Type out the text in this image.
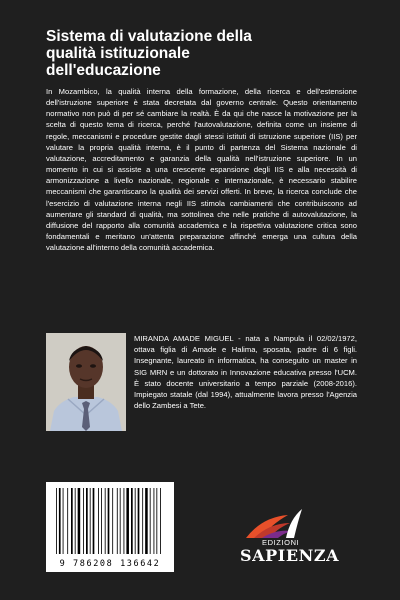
Sistema di valutazione della
qualità istituzionale
dell'educazione

In Mozambico, la qualità interna della formazione, della ricerca e dell'estensione dell'istruzione superiore è stata decretata dal governo centrale. Questo orientamento normativo non può di per sé cambiare la realtà. È da qui che nasce la motivazione per la scelta di questo tema di ricerca, perché l'autovalutazione, definita come un insieme di regole, meccanismi e procedure gestite dagli stessi istituti di istruzione superiore (IIS) per valutare la propria qualità interna, è il punto di partenza del Sistema nazionale di valutazione, accreditamento e garanzia della qualità nell'istruzione superiore. In un momento in cui si assiste a una crescente espansione degli IIS e alla necessità di armonizzazione a livello nazionale, regionale e internazionale, è necessario stabilire meccanismi che garantiscano la qualità dei servizi offerti. In breve, la ricerca conclude che l'esercizio di valutazione interna negli IIS stimola cambiamenti che contribuiscono ad aumentare gli standard di qualità, ma sottolinea che nelle pratiche di autovalutazione, la diffusione del rapporto alla comunità accademica e la rispettiva valutazione critica sono fondamentali e meritano un'attenta preparazione affinché emerga una cultura della valutazione all'interno della comunità accademica.

MIRANDA AMADE MIGUEL - nata a Nampula il 02/02/1972, ottava figlia di Amade e Halima, sposata, padre di 6 figli. Insegnante, laureato in informatica, ha conseguito un master in SIG MRN e un dottorato in Innovazione educativa presso l'UCM. È stato docente universitario a tempo parziale (2008-2016). Impiegato statale (dal 1994), attualmente lavora presso l'Agenzia dello Zambesi a Tete.

9 786208 136642
EDIZIONI
SAPIENZA
